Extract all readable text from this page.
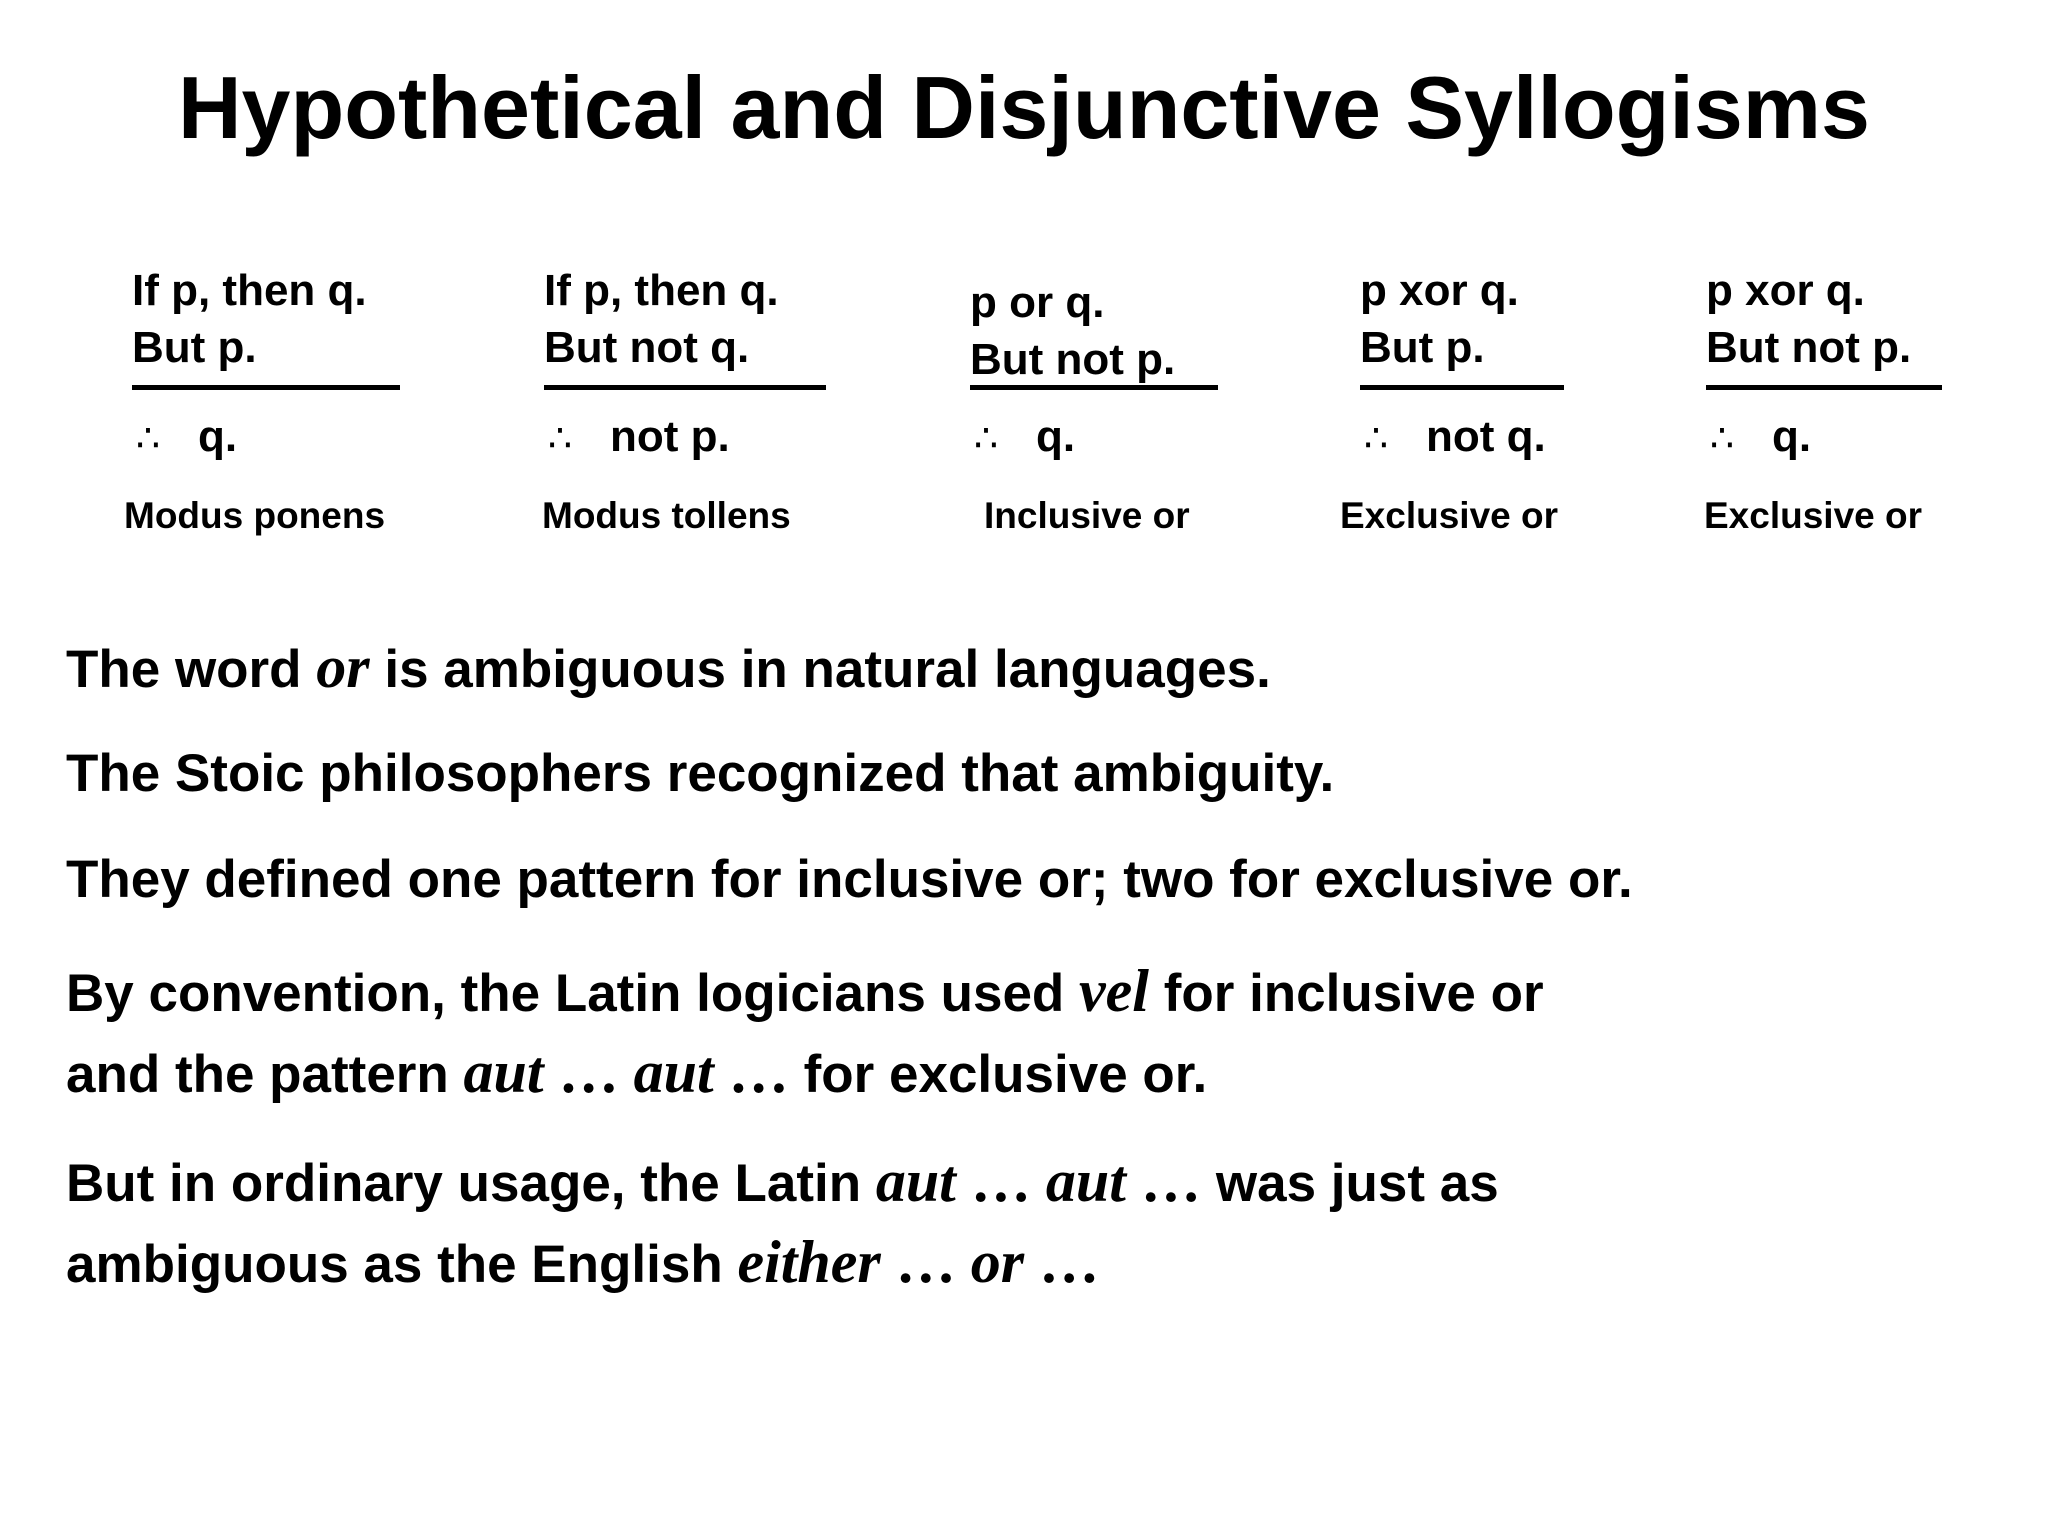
Hypothetical and Disjunctive Syllogisms
If p, then q.
But p.
∴ q.
Modus ponens
If p, then q.
But not q.
∴ not p.
Modus tollens
p or q.
But not p.
∴ q.
Inclusive or
p xor q.
But p.
∴ not q.
Exclusive or
p xor q.
But not p.
∴ q.
Exclusive or
The word or is ambiguous in natural languages.
The Stoic philosophers recognized that ambiguity.
They defined one pattern for inclusive or; two for exclusive or.
By convention, the Latin logicians used vel for inclusive or
and the pattern aut … aut … for exclusive or.
But in ordinary usage, the Latin aut … aut … was just as
ambiguous as the English either … or …
